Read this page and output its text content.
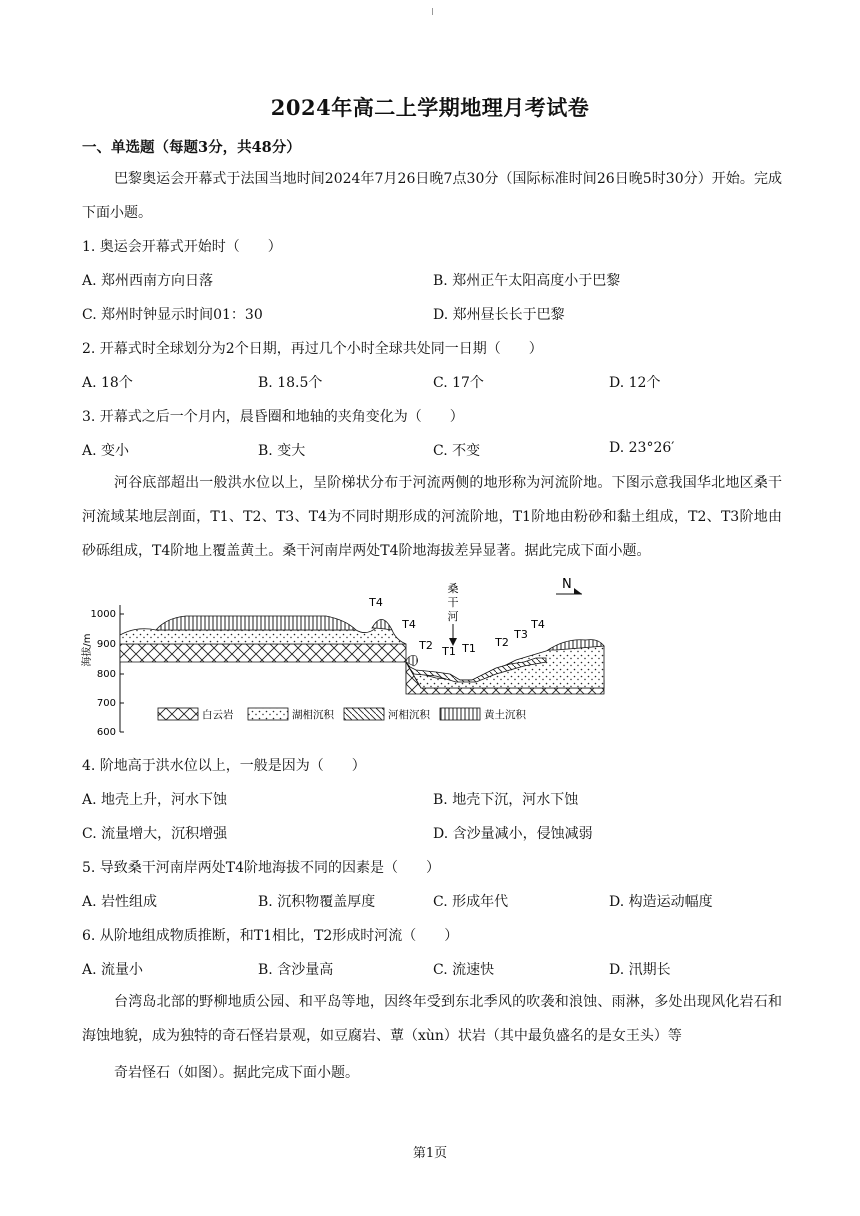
2024年高二上学期地理月考试卷
一、单选题（每题3分，共48分）
巴黎奥运会开幕式于法国当地时间2024年7月26日晚7点30分（国际标准时间26日晚5时30分）开始。完成下面小题。
1. 奥运会开幕式开始时（　　）
A. 郑州西南方向日落	B. 郑州正午太阳高度小于巴黎
C. 郑州时钟显示时间01：30	D. 郑州昼长长于巴黎
2. 开幕式时全球划分为2个日期，再过几个小时全球共处同一日期（　　）
A. 18个	B. 18.5个	C. 17个	D. 12个
3. 开幕式之后一个月内，晨昏圈和地轴的夹角变化为（　　）
A. 变小	B. 变大	C. 不变	D. 23°26′
河谷底部超出一般洪水位以上，呈阶梯状分布于河流两侧的地形称为河流阶地。下图示意我国华北地区桑干河流域某地层剖面，T1、T2、T3、T4为不同时期形成的河流阶地，T1阶地由粉砂和黏土组成，T2、T3阶地由砂砾组成，T4阶地上覆盖黄土。桑干河南岸两处T4阶地海拔差异显著。据此完成下面小题。
1000
900
800
700
600
海拔/m
T4
T4
T2 T1 T1 T2
T3
T4
桑
干
河
N
白云岩	湖相沉积	河相沉积	黄土沉积
4. 阶地高于洪水位以上，一般是因为（　　）
A. 地壳上升，河水下蚀	B. 地壳下沉，河水下蚀
C. 流量增大，沉积增强	D. 含沙量减小，侵蚀减弱
5. 导致桑干河南岸两处T4阶地海拔不同的因素是（　　）
A. 岩性组成	B. 沉积物覆盖厚度	C. 形成年代	D. 构造运动幅度
6. 从阶地组成物质推断，和T1相比，T2形成时河流（　　）
A. 流量小	B. 含沙量高	C. 流速快	D. 汛期长
台湾岛北部的野柳地质公园、和平岛等地，因终年受到东北季风的吹袭和浪蚀、雨淋，多处出现风化岩石和海蚀地貌，成为独特的奇石怪岩景观，如豆腐岩、蕈（xùn）状岩（其中最负盛名的是女王头）等
奇岩怪石（如图）。据此完成下面小题。
第1页
